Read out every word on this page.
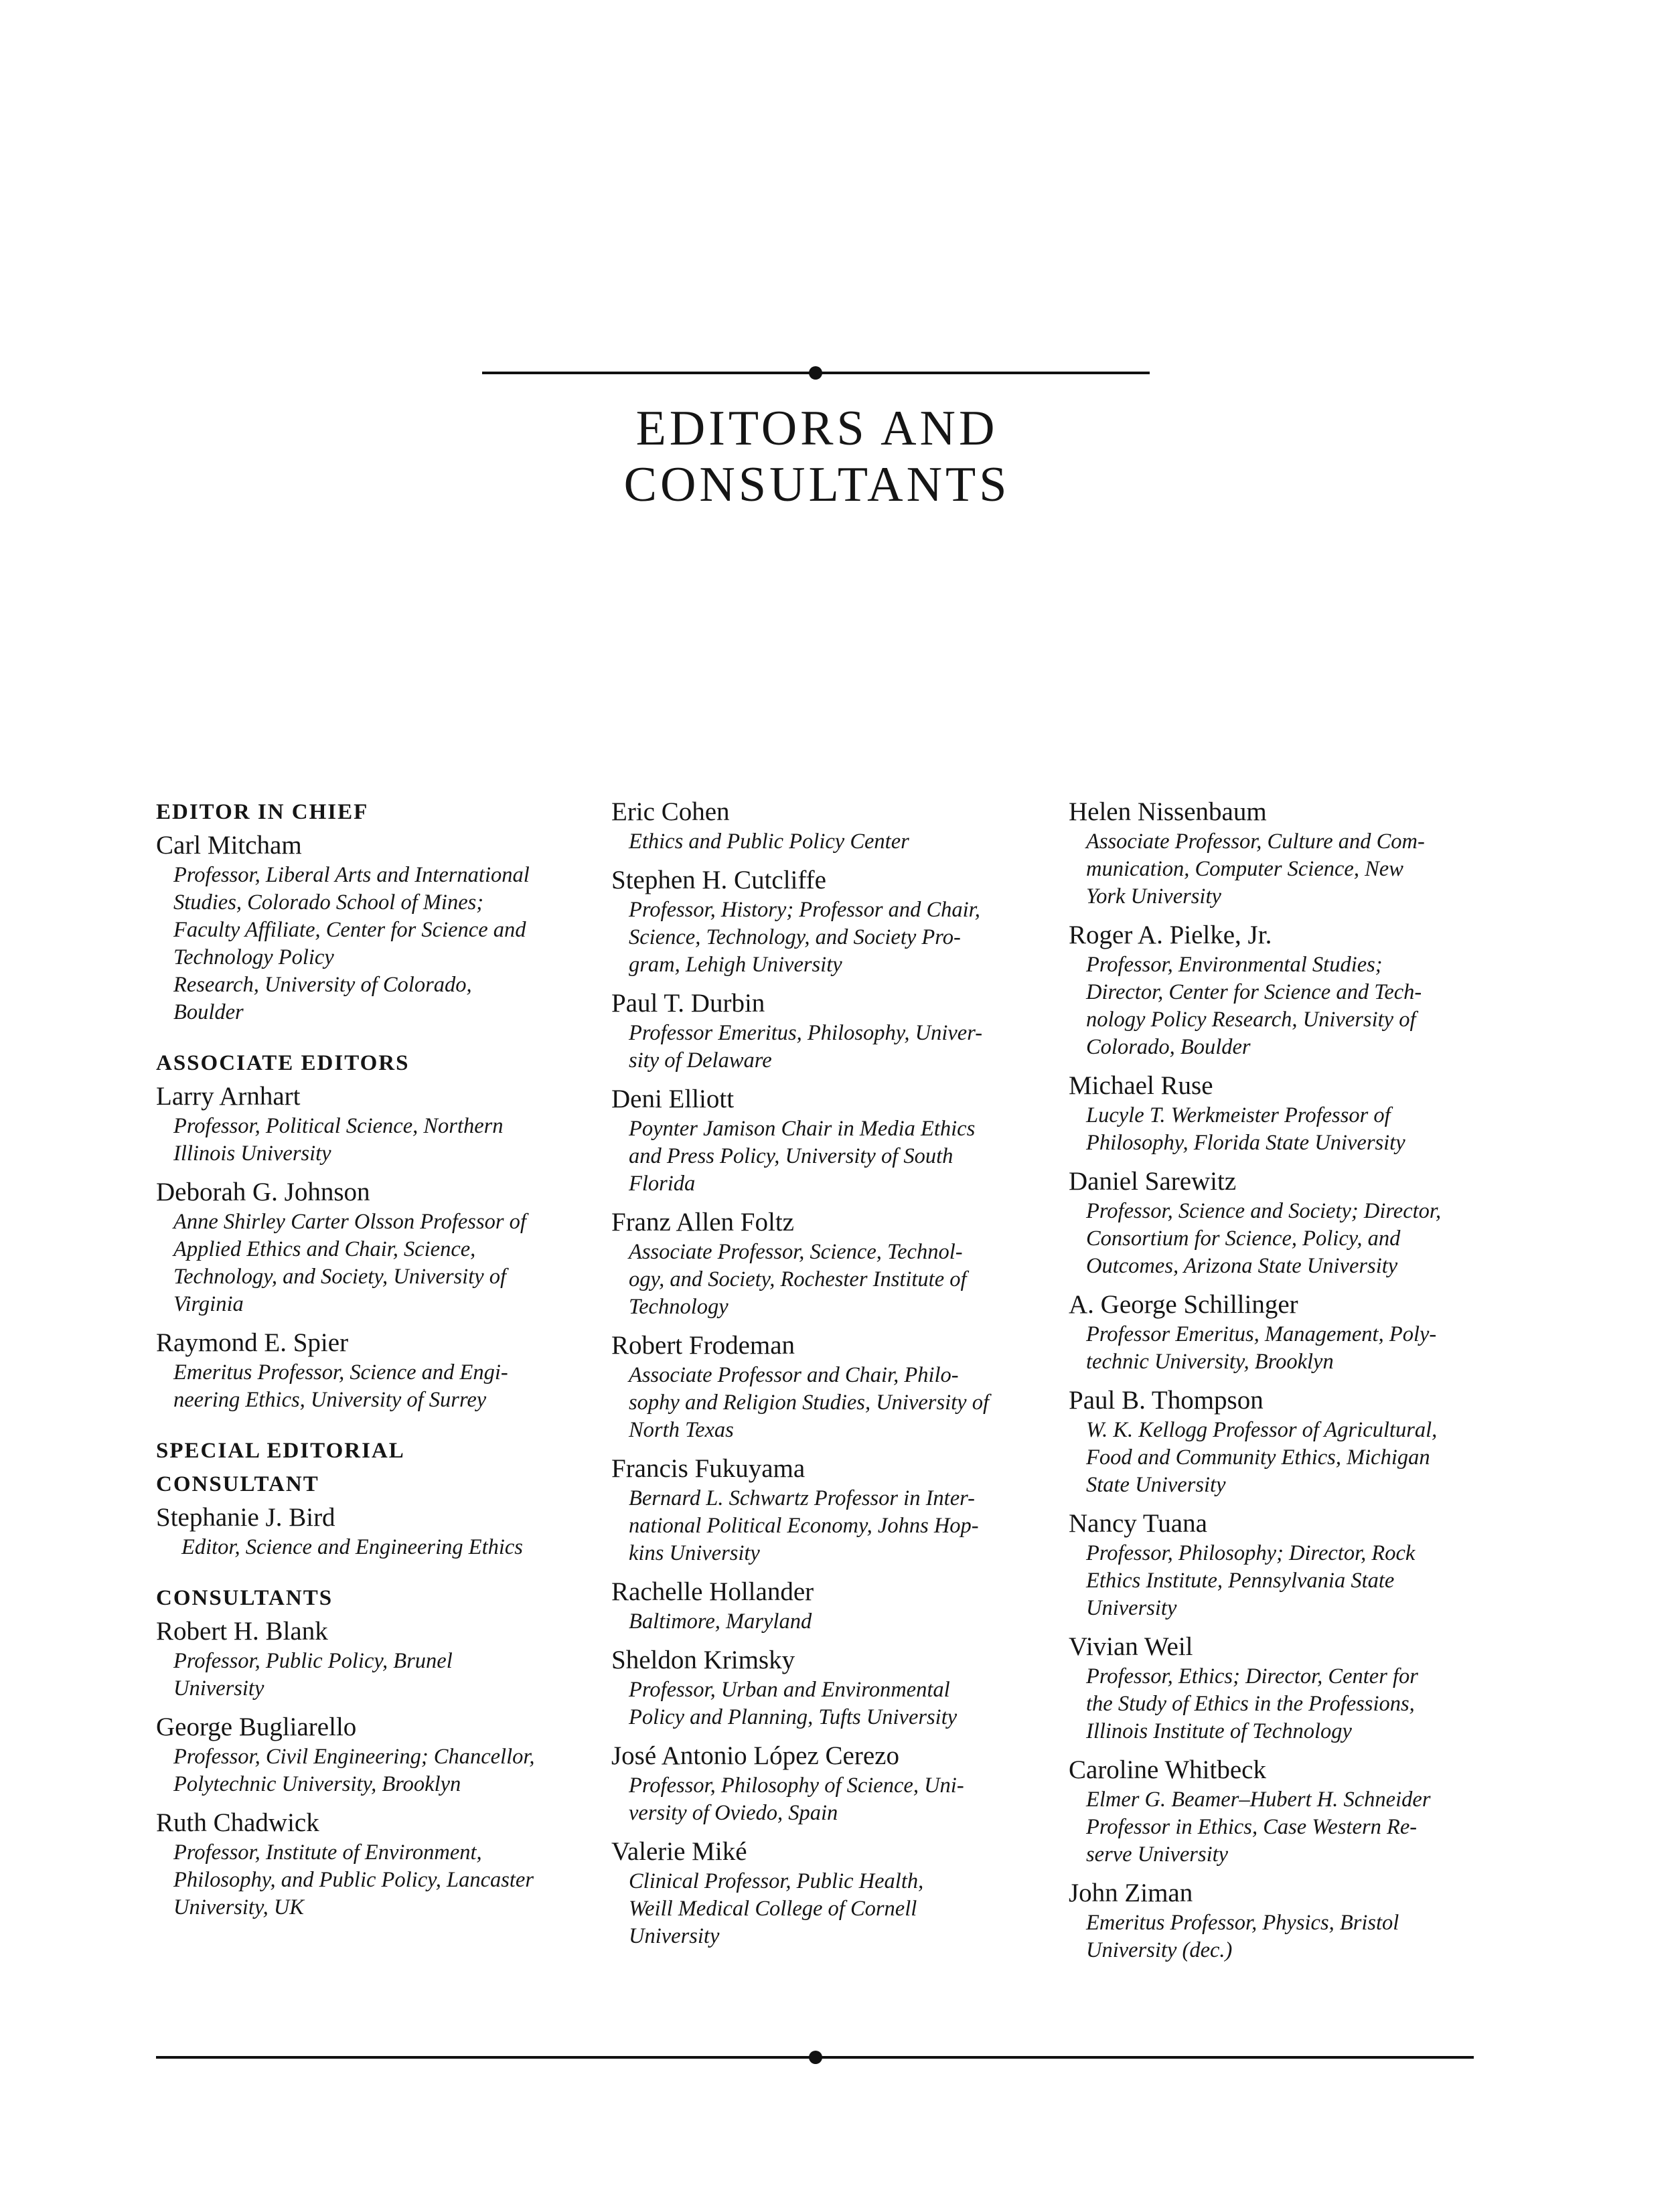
EDITORS AND
CONSULTANTS
EDITOR IN CHIEF
Carl Mitcham
Professor, Liberal Arts and International
Studies, Colorado School of Mines;
Faculty Affiliate, Center for Science and
Technology Policy
Research, University of Colorado,
Boulder
ASSOCIATE EDITORS
Larry Arnhart
Professor, Political Science, Northern
Illinois University
Deborah G. Johnson
Anne Shirley Carter Olsson Professor of
Applied Ethics and Chair, Science,
Technology, and Society, University of
Virginia
Raymond E. Spier
Emeritus Professor, Science and Engi-
neering Ethics, University of Surrey
SPECIAL EDITORIAL
CONSULTANT
Stephanie J. Bird
Editor, Science and Engineering Ethics
CONSULTANTS
Robert H. Blank
Professor, Public Policy, Brunel
University
George Bugliarello
Professor, Civil Engineering; Chancellor,
Polytechnic University, Brooklyn
Ruth Chadwick
Professor, Institute of Environment,
Philosophy, and Public Policy, Lancaster
University, UK
Eric Cohen
Ethics and Public Policy Center
Stephen H. Cutcliffe
Professor, History; Professor and Chair,
Science, Technology, and Society Pro-
gram, Lehigh University
Paul T. Durbin
Professor Emeritus, Philosophy, Univer-
sity of Delaware
Deni Elliott
Poynter Jamison Chair in Media Ethics
and Press Policy, University of South
Florida
Franz Allen Foltz
Associate Professor, Science, Technol-
ogy, and Society, Rochester Institute of
Technology
Robert Frodeman
Associate Professor and Chair, Philo-
sophy and Religion Studies, University of
North Texas
Francis Fukuyama
Bernard L. Schwartz Professor in Inter-
national Political Economy, Johns Hop-
kins University
Rachelle Hollander
Baltimore, Maryland
Sheldon Krimsky
Professor, Urban and Environmental
Policy and Planning, Tufts University
José Antonio López Cerezo
Professor, Philosophy of Science, Uni-
versity of Oviedo, Spain
Valerie Miké
Clinical Professor, Public Health,
Weill Medical College of Cornell
University
Helen Nissenbaum
Associate Professor, Culture and Com-
munication, Computer Science, New
York University
Roger A. Pielke, Jr.
Professor, Environmental Studies;
Director, Center for Science and Tech-
nology Policy Research, University of
Colorado, Boulder
Michael Ruse
Lucyle T. Werkmeister Professor of
Philosophy, Florida State University
Daniel Sarewitz
Professor, Science and Society; Director,
Consortium for Science, Policy, and
Outcomes, Arizona State University
A. George Schillinger
Professor Emeritus, Management, Poly-
technic University, Brooklyn
Paul B. Thompson
W. K. Kellogg Professor of Agricultural,
Food and Community Ethics, Michigan
State University
Nancy Tuana
Professor, Philosophy; Director, Rock
Ethics Institute, Pennsylvania State
University
Vivian Weil
Professor, Ethics; Director, Center for
the Study of Ethics in the Professions,
Illinois Institute of Technology
Caroline Whitbeck
Elmer G. Beamer–Hubert H. Schneider
Professor in Ethics, Case Western Re-
serve University
John Ziman
Emeritus Professor, Physics, Bristol
University (dec.)
